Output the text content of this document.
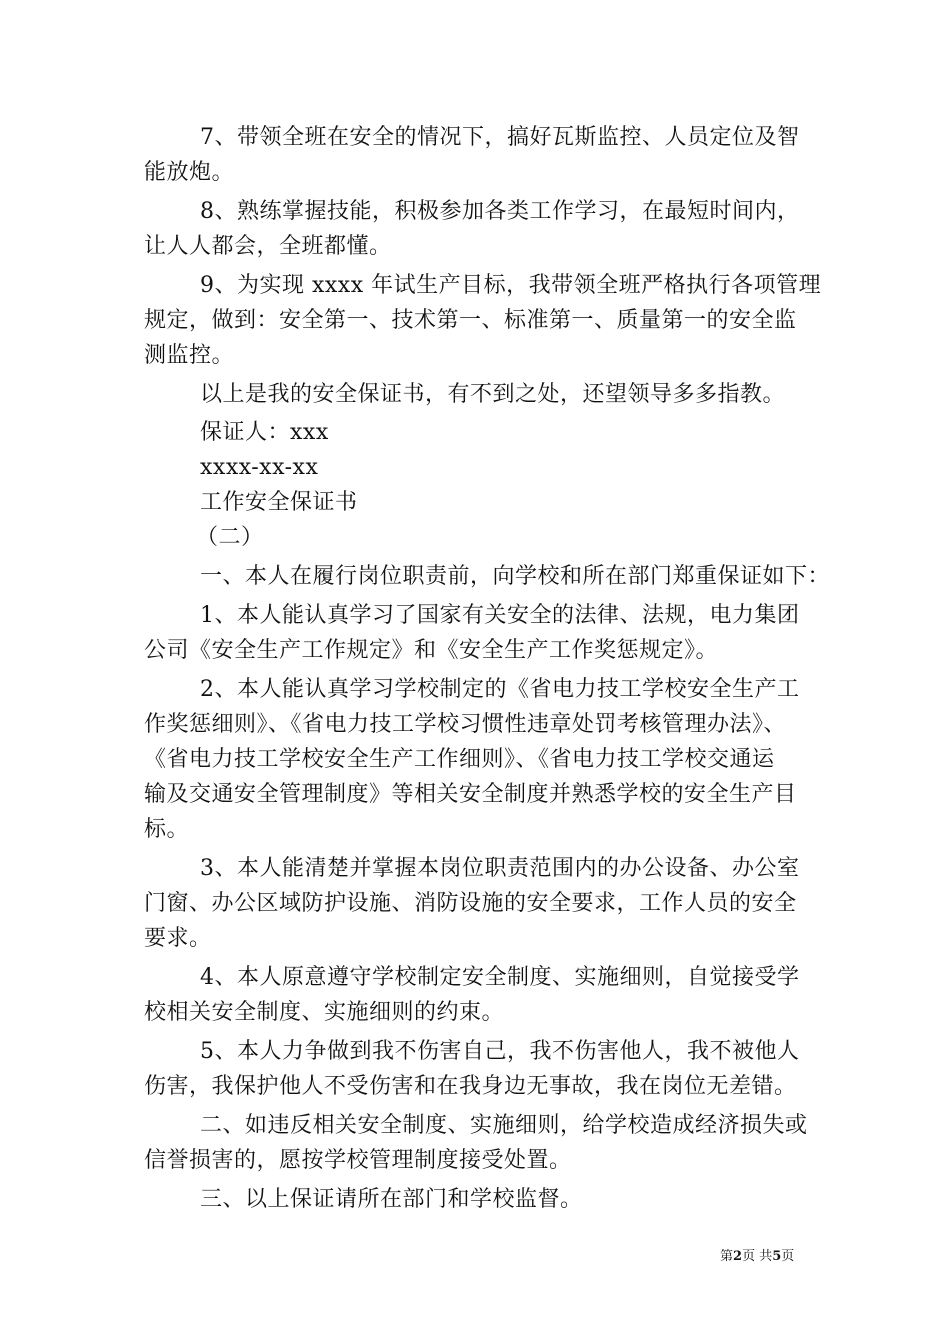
7、带领全班在安全的情况下，搞好瓦斯监控、人员定位及智
能放炮。
8、熟练掌握技能，积极参加各类工作学习，在最短时间内，
让人人都会，全班都懂。
9、为实现 xxxx 年试生产目标，我带领全班严格执行各项管理
规定，做到：安全第一、技术第一、标准第一、质量第一的安全监
测监控。
以上是我的安全保证书，有不到之处，还望领导多多指教。
保证人：xxx
xxxx-xx-xx
工作安全保证书
（二）
一、本人在履行岗位职责前，向学校和所在部门郑重保证如下：
1、本人能认真学习了国家有关安全的法律、法规，电力集团
公司《安全生产工作规定》和《安全生产工作奖惩规定》。
2、本人能认真学习学校制定的《省电力技工学校安全生产工
作奖惩细则》、《省电力技工学校习惯性违章处罚考核管理办法》、
《省电力技工学校安全生产工作细则》、《省电力技工学校交通运
输及交通安全管理制度》等相关安全制度并熟悉学校的安全生产目
标。
3、本人能清楚并掌握本岗位职责范围内的办公设备、办公室
门窗、办公区域防护设施、消防设施的安全要求，工作人员的安全
要求。
4、本人原意遵守学校制定安全制度、实施细则，自觉接受学
校相关安全制度、实施细则的约束。
5、本人力争做到我不伤害自己，我不伤害他人，我不被他人
伤害，我保护他人不受伤害和在我身边无事故，我在岗位无差错。
二、如违反相关安全制度、实施细则，给学校造成经济损失或
信誉损害的，愿按学校管理制度接受处置。
三、以上保证请所在部门和学校监督。
第2页 共5页
